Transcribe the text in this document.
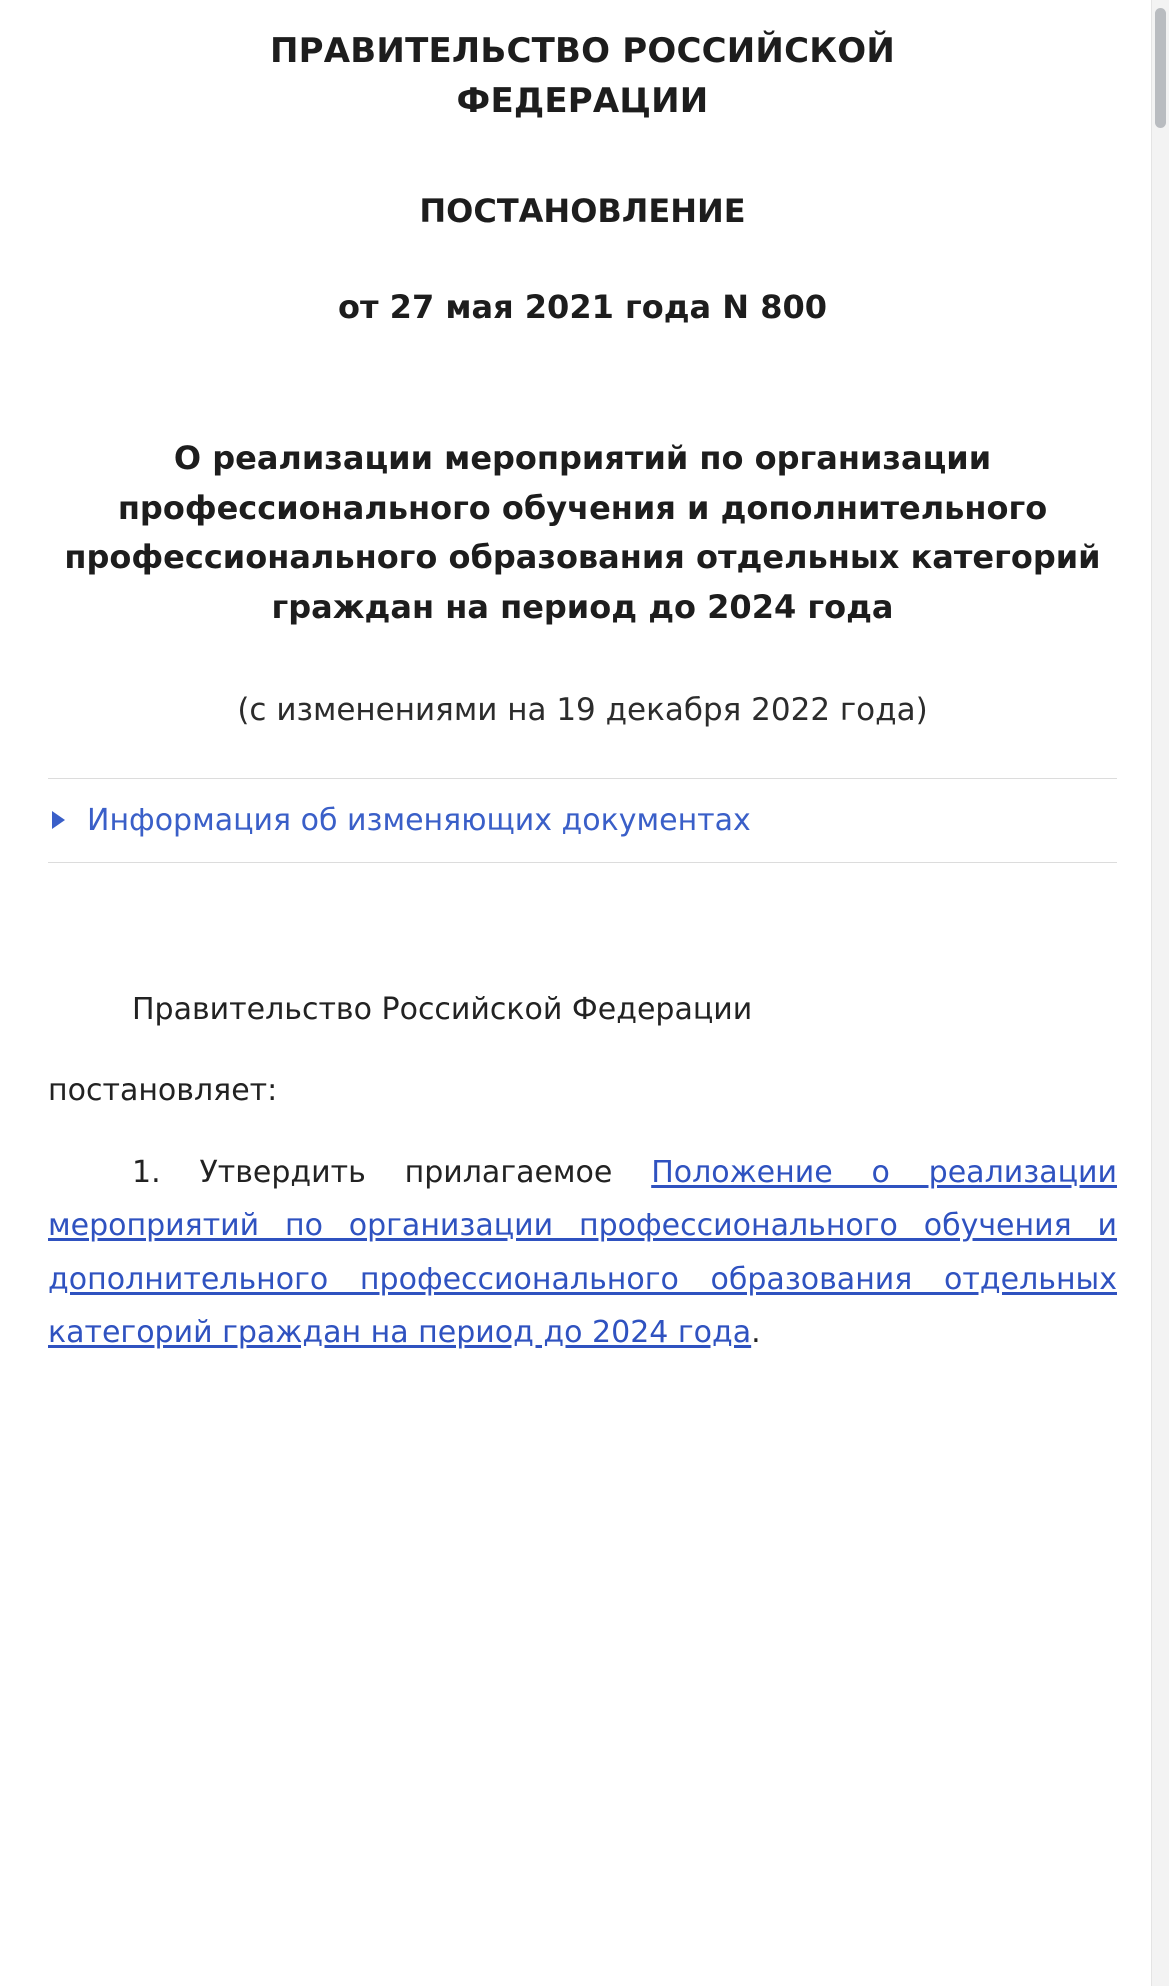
ПРАВИТЕЛЬСТВО РОССИЙСКОЙ ФЕДЕРАЦИИ
ПОСТАНОВЛЕНИЕ
от 27 мая 2021 года N 800
О реализации мероприятий по организации профессионального обучения и дополнительного профессионального образования отдельных категорий граждан на период до 2024 года
(с изменениями на 19 декабря 2022 года)
Информация об изменяющих документах

Правительство Российской Федерации

постановляет:

1. Утвердить прилагаемое Положение о реализации мероприятий по организации профессионального обучения и дополнительного профессионального образования отдельных категорий граждан на период до 2024 года.
